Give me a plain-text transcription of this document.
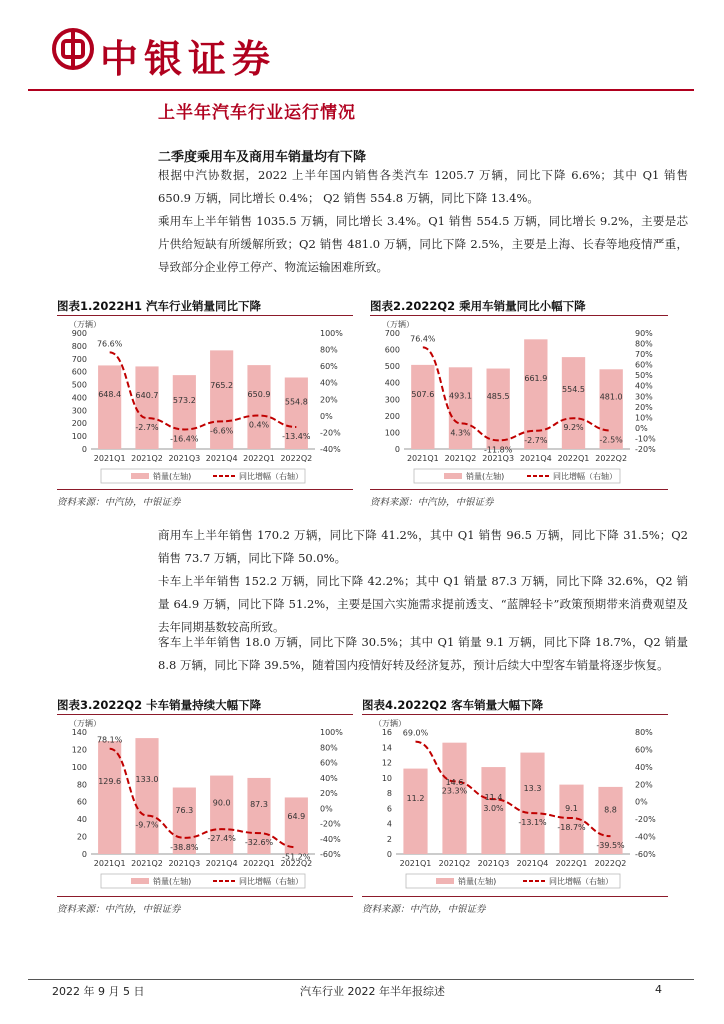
中银证券
上半年汽车行业运行情况
二季度乘用车及商用车销量均有下降
根据中汽协数据，2022 上半年国内销售各类汽车 1205.7 万辆，同比下降 6.6%；其中 Q1 销售 650.9 万辆，同比增长 0.4%； Q2 销售 554.8 万辆，同比下降 13.4%。
乘用车上半年销售 1035.5 万辆，同比增长 3.4%。Q1 销售 554.5 万辆，同比增长 9.2%，主要是芯片供给短缺有所缓解所致；Q2 销售 481.0 万辆，同比下降 2.5%，主要是上海、长春等地疫情严重，导致部分企业停工停产、物流运输困难所致。
图表1.2022H1 汽车行业销量同比下降	图表2.2022Q2 乘用车销量同比小幅下降
（万辆）
0
100
200
300
400
500
600
700
800
900
-40%
-20%
0%
20%
40%
60%
80%
100%
648.4 640.7
573.2
765.2
650.9
554.8
76.6%
-2.7%
-16.4%
-6.6%
0.4%
-13.4%
2021Q1 2021Q2 2021Q3 2021Q4 2022Q1 2022Q2
销量(左轴)	同比增幅（右轴）
（万辆）
0
100
200
300
400
500
600
700
-20%
-10%
0%
10%
20%
30%
40%
50%
60%
70%
80%
90%
507.6 493.1 485.5
661.9
554.5
481.0
76.4%
4.3%
-11.8%
-2.7%
9.2%
-2.5%
2021Q1 2021Q2 2021Q3 2021Q4 2022Q1 2022Q2
销量(左轴)	同比增幅（右轴）
资料来源：中汽协，中银证券	资料来源：中汽协，中银证券
商用车上半年销售 170.2 万辆，同比下降 41.2%，其中 Q1 销售 96.5 万辆，同比下降 31.5%；Q2 销售 73.7 万辆，同比下降 50.0%。
卡车上半年销售 152.2 万辆，同比下降 42.2%；其中 Q1 销量 87.3 万辆，同比下降 32.6%，Q2 销量 64.9 万辆，同比下降 51.2%，主要是国六实施需求提前透支、“蓝牌轻卡”政策预期带来消费观望及去年同期基数较高所致。
客车上半年销售 18.0 万辆，同比下降 30.5%；其中 Q1 销量 9.1 万辆，同比下降 18.7%，Q2 销量 8.8 万辆，同比下降 39.5%，随着国内疫情好转及经济复苏，预计后续大中型客车销量将逐步恢复。
图表3.2022Q2 卡车销量持续大幅下降	图表4.2022Q2 客车销量大幅下降
（万辆）
0
20
40
60
80
100
120
140
-60%
-40%
-20%
0%
20%
40%
60%
80%
100%
129.6 133.0
76.3
90.0 87.3
64.9
78.1%
-9.7%
-38.8%
-27.4% -32.6%
-51.2%
2021Q1 2021Q2 2021Q3 2021Q4 2022Q1 2022Q2
销量(左轴)	同比增幅（右轴）
（万辆）
0
2
4
6
8
10
12
14
16
-60%
-40%
-20%
0%
20%
40%
60%
80%
11.2
14.6
11.4
13.3
9.1	8.8
69.0%
23.3%
3.0%
-13.1%
-18.7%
-39.5%
2021Q1 2021Q2 2021Q3 2021Q4 2022Q1 2022Q2
销量(左轴)	同比增幅（右轴）
资料来源：中汽协，中银证券	资料来源：中汽协，中银证券
2022 年 9 月 5 日	汽车行业 2022 年半年报综述	4
